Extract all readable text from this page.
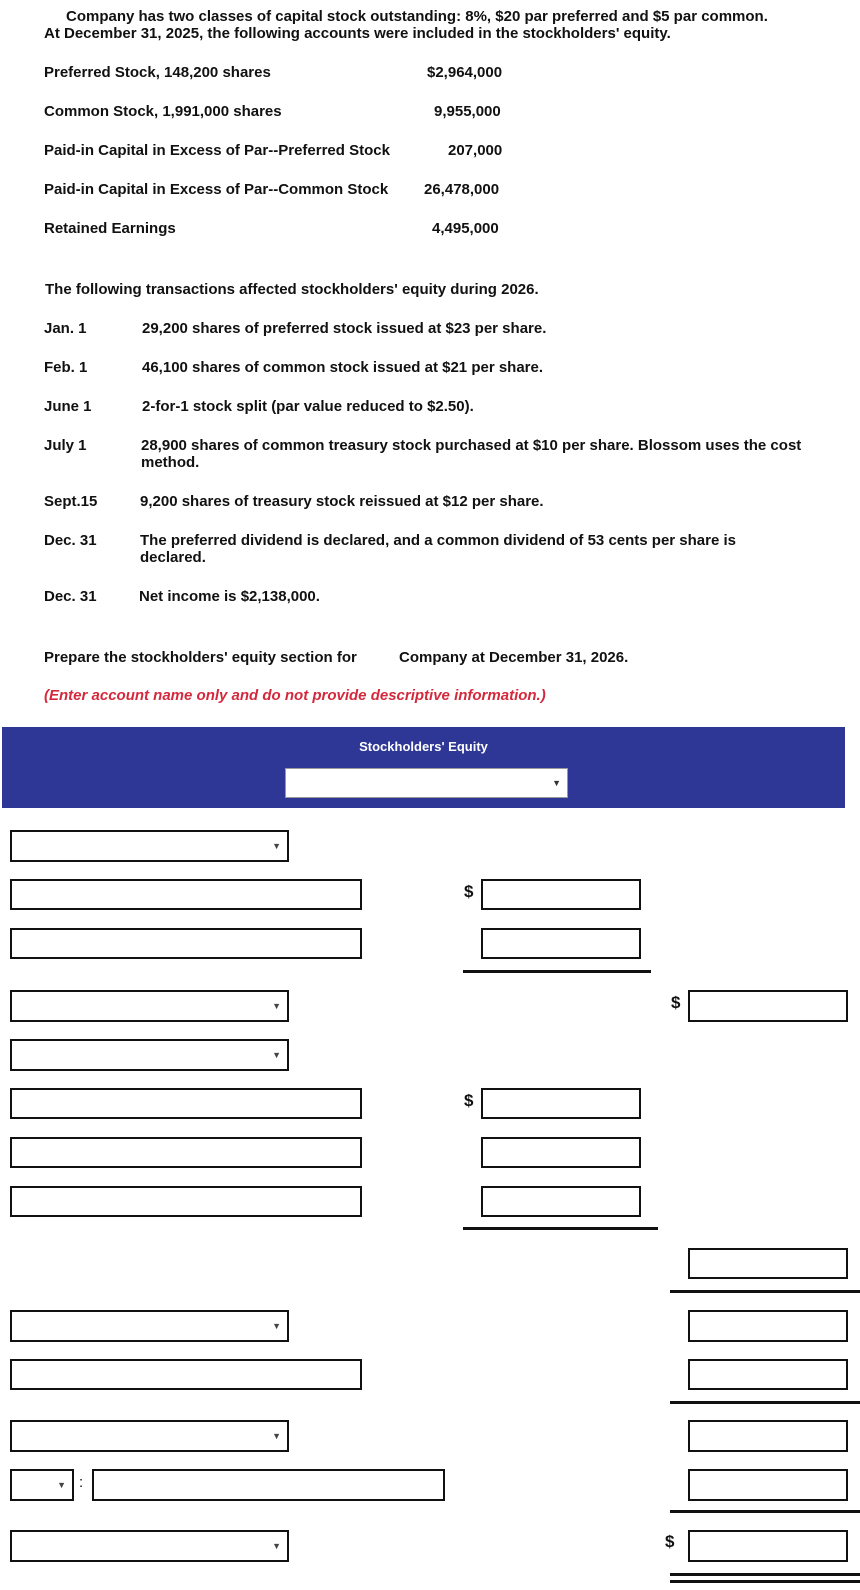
Company has two classes of capital stock outstanding: 8%, $20 par preferred and $5 par common.
At December 31, 2025, the following accounts were included in the stockholders' equity.
Preferred Stock, 148,200 shares	$2,964,000
Common Stock, 1,991,000 shares	9,955,000
Paid-in Capital in Excess of Par--Preferred Stock	207,000
Paid-in Capital in Excess of Par--Common Stock 26,478,000
Retained Earnings	4,495,000
The following transactions affected stockholders' equity during 2026.
Jan. 1	29,200 shares of preferred stock issued at $23 per share.
Feb. 1	46,100 shares of common stock issued at $21 per share.
June 1	2-for-1 stock split (par value reduced to $2.50).
July 1	28,900 shares of common treasury stock purchased at $10 per share. Blossom uses the cost method.
Sept.15	9,200 shares of treasury stock reissued at $12 per share.
Dec. 31	The preferred dividend is declared, and a common dividend of 53 cents per share is declared.
Dec. 31	Net income is $2,138,000.
Prepare the stockholders' equity section for	Company at December 31, 2026.
(Enter account name only and do not provide descriptive information.)
Stockholders' Equity
▼
▼
$
▼	$
▼
$
▼
▼
▼ :
▼	$
